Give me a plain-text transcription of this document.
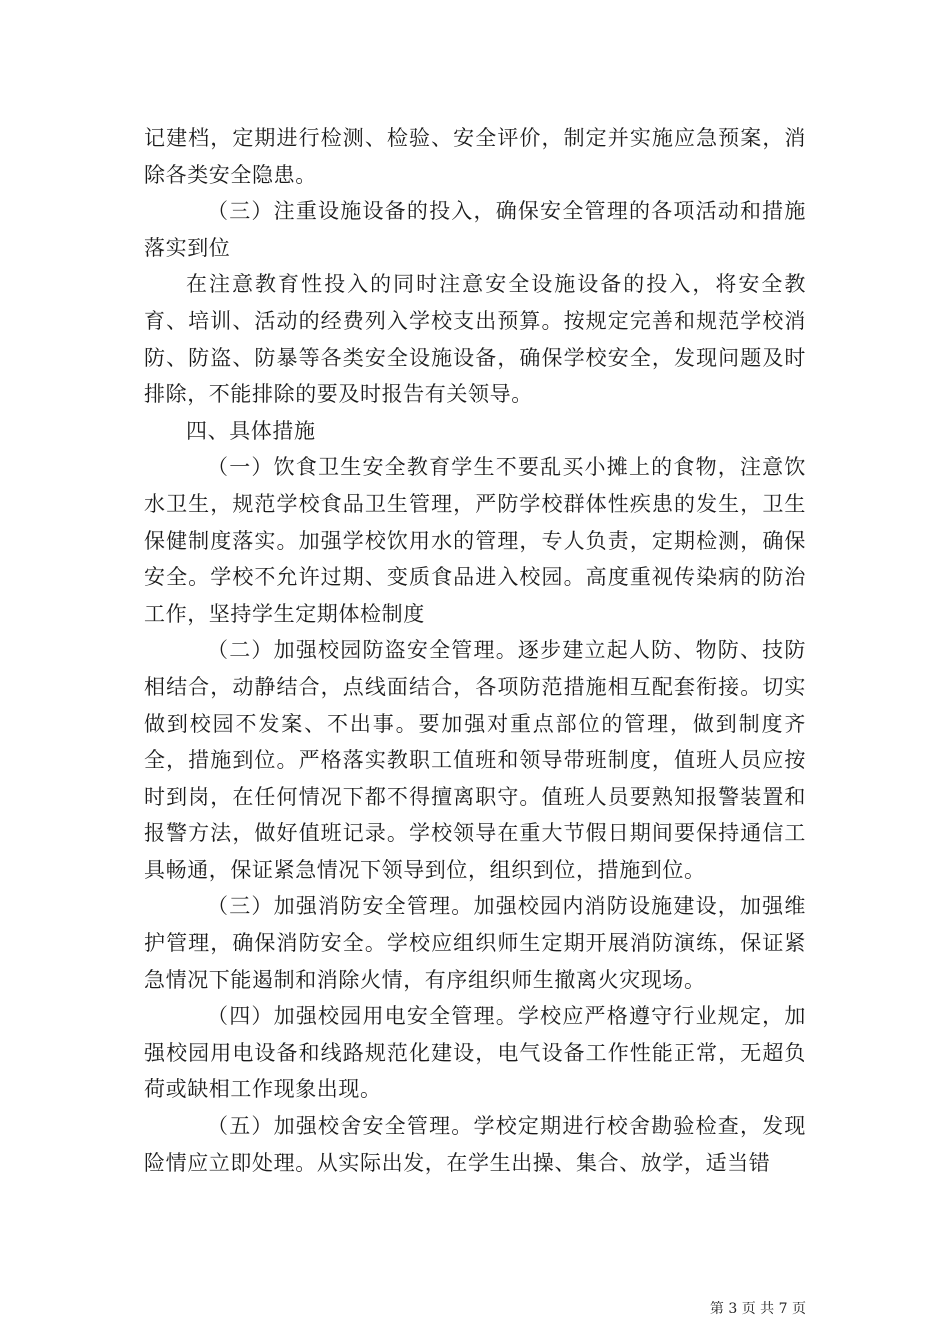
记建档，定期进行检测、检验、安全评价，制定并实施应急预案，消除各类安全隐患。

（三）注重设施设备的投入，确保安全管理的各项活动和措施落实到位

在注意教育性投入的同时注意安全设施设备的投入，将安全教育、培训、活动的经费列入学校支出预算。按规定完善和规范学校消防、防盗、防暴等各类安全设施设备，确保学校安全，发现问题及时排除，不能排除的要及时报告有关领导。

四、具体措施

（一）饮食卫生安全教育学生不要乱买小摊上的食物，注意饮水卫生，规范学校食品卫生管理，严防学校群体性疾患的发生，卫生保健制度落实。加强学校饮用水的管理，专人负责，定期检测，确保安全。学校不允许过期、变质食品进入校园。高度重视传染病的防治工作，坚持学生定期体检制度

（二）加强校园防盗安全管理。逐步建立起人防、物防、技防相结合，动静结合，点线面结合，各项防范措施相互配套衔接。切实做到校园不发案、不出事。要加强对重点部位的管理，做到制度齐全，措施到位。严格落实教职工值班和领导带班制度，值班人员应按时到岗，在任何情况下都不得擅离职守。值班人员要熟知报警装置和报警方法，做好值班记录。学校领导在重大节假日期间要保持通信工具畅通，保证紧急情况下领导到位，组织到位，措施到位。

（三）加强消防安全管理。加强校园内消防设施建设，加强维护管理，确保消防安全。学校应组织师生定期开展消防演练，保证紧急情况下能遏制和消除火情，有序组织师生撤离火灾现场。

（四）加强校园用电安全管理。学校应严格遵守行业规定，加强校园用电设备和线路规范化建设，电气设备工作性能正常，无超负荷或缺相工作现象出现。

（五）加强校舍安全管理。学校定期进行校舍勘验检查，发现险情应立即处理。从实际出发，在学生出操、集合、放学，适当错

第 3 页 共 7 页
